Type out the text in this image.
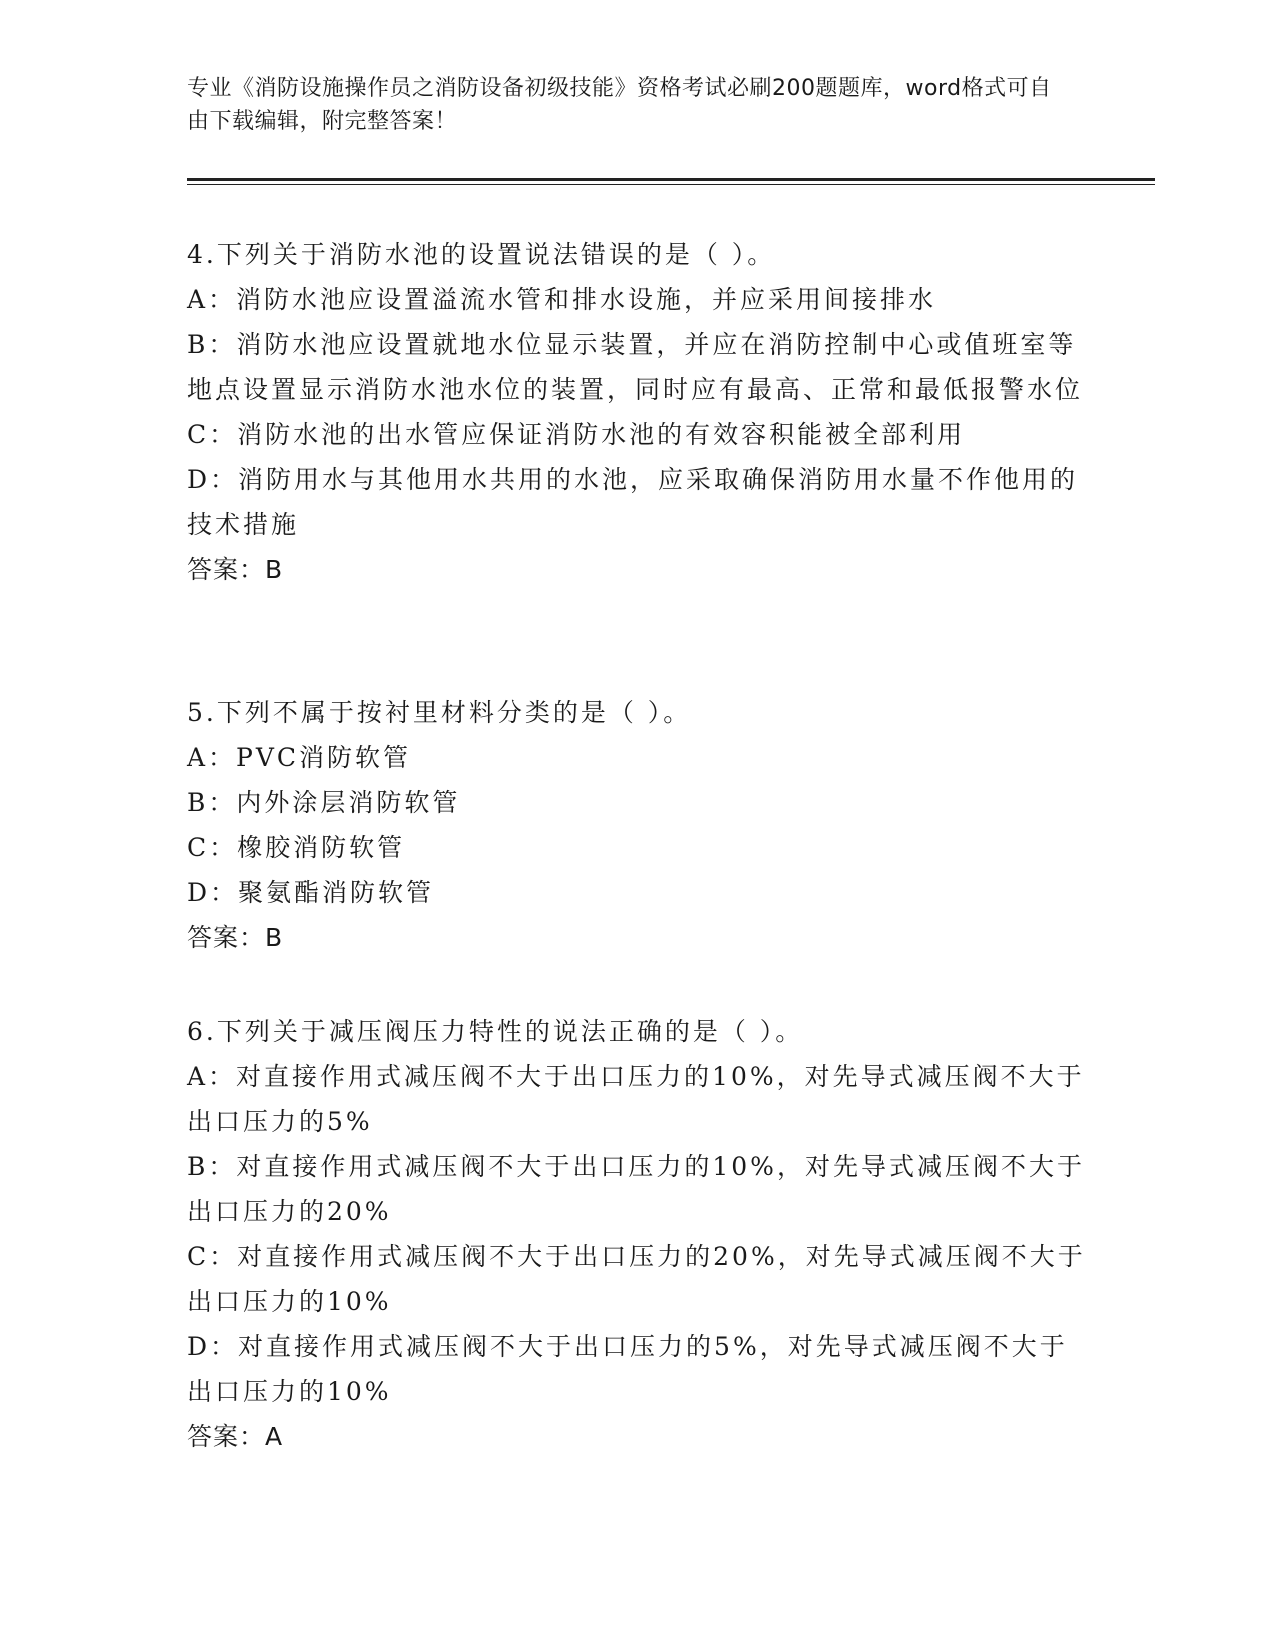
专业《消防设施操作员之消防设备初级技能》资格考试必刷200题题库，word格式可自由下载编辑，附完整答案！
4.下列关于消防水池的设置说法错误的是（ ）。
A：消防水池应设置溢流水管和排水设施，并应采用间接排水
B：消防水池应设置就地水位显示装置，并应在消防控制中心或值班室等地点设置显示消防水池水位的装置，同时应有最高、正常和最低报警水位
C：消防水池的出水管应保证消防水池的有效容积能被全部利用
D：消防用水与其他用水共用的水池，应采取确保消防用水量不作他用的技术措施
答案：B
5.下列不属于按衬里材料分类的是（ ）。
A：PVC消防软管
B：内外涂层消防软管
C：橡胶消防软管
D：聚氨酯消防软管
答案：B
6.下列关于减压阀压力特性的说法正确的是（ ）。
A：对直接作用式减压阀不大于出口压力的10%，对先导式减压阀不大于出口压力的5%
B：对直接作用式减压阀不大于出口压力的10%，对先导式减压阀不大于出口压力的20%
C：对直接作用式减压阀不大于出口压力的20%，对先导式减压阀不大于出口压力的10%
D：对直接作用式减压阀不大于出口压力的5%，对先导式减压阀不大于出口压力的10%
答案：A
